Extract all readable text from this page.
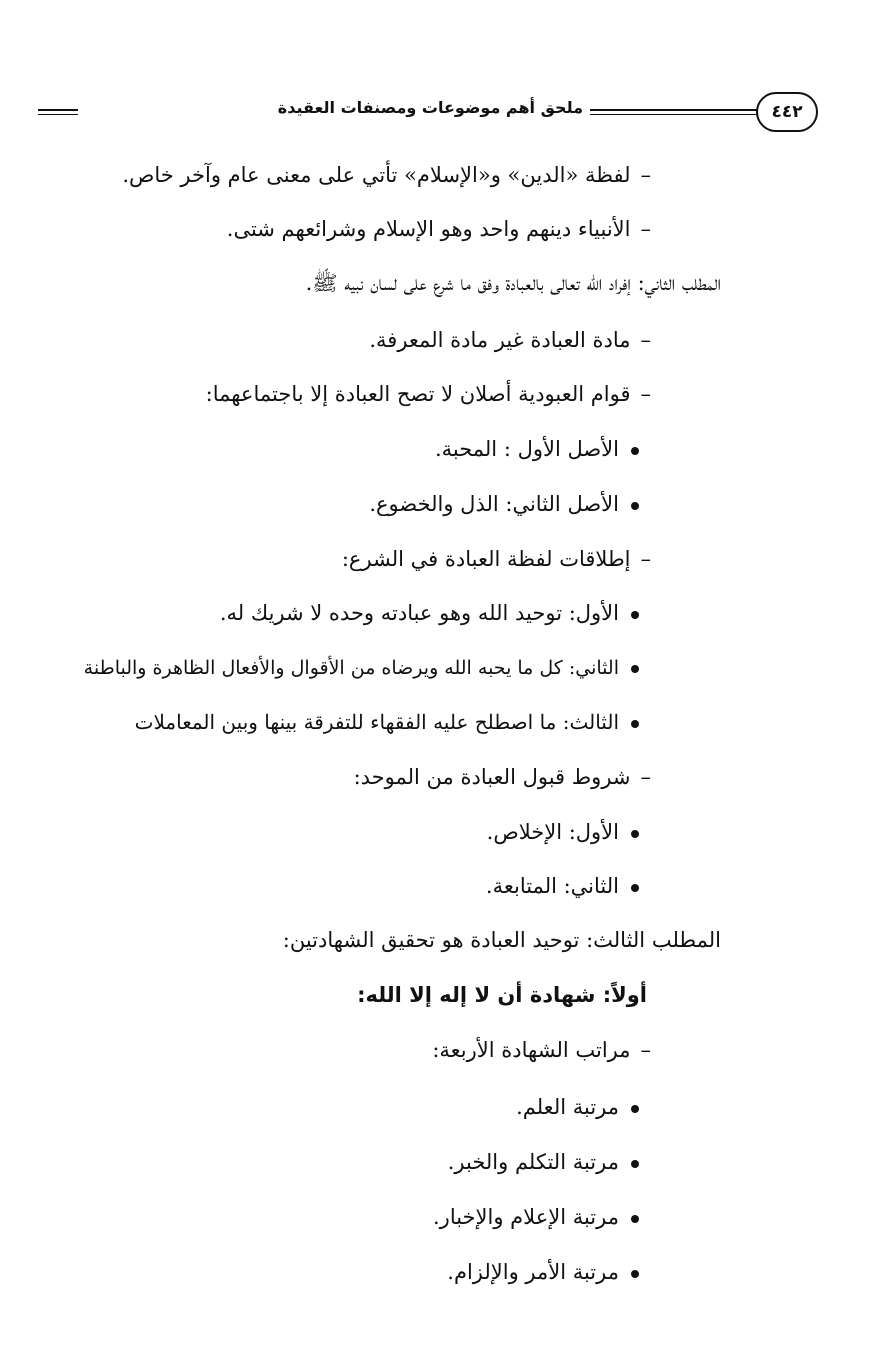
٤٤٢
ملحق أهم موضوعات ومصنفات العقيدة
–لفظة «الدين» و«الإسلام» تأتي على معنى عام وآخر خاص.
–الأنبياء دينهم واحد وهو الإسلام وشرائعهم شتى.
المطلب الثاني: إفراد الله تعالى بالعبادة وفق ما شرع على لسان نبيه ﷺ.
–مادة العبادة غير مادة المعرفة.
–قوام العبودية أصلان لا تصح العبادة إلا باجتماعهما:
الأصل الأول : المحبة.
الأصل الثاني: الذل والخضوع.
–إطلاقات لفظة العبادة في الشرع:
الأول: توحيد الله وهو عبادته وحده لا شريك له.
الثاني: كل ما يحبه الله ويرضاه من الأقوال والأفعال الظاهرة والباطنة
الثالث: ما اصطلح عليه الفقهاء للتفرقة بينها وبين المعاملات
–شروط قبول العبادة من الموحد:
الأول: الإخلاص.
الثاني: المتابعة.
المطلب الثالث: توحيد العبادة هو تحقيق الشهادتين:
أولاً: شهادة أن لا إله إلا الله:
–مراتب الشهادة الأربعة:
مرتبة العلم.
مرتبة التكلم والخبر.
مرتبة الإعلام والإخبار.
مرتبة الأمر والإلزام.
